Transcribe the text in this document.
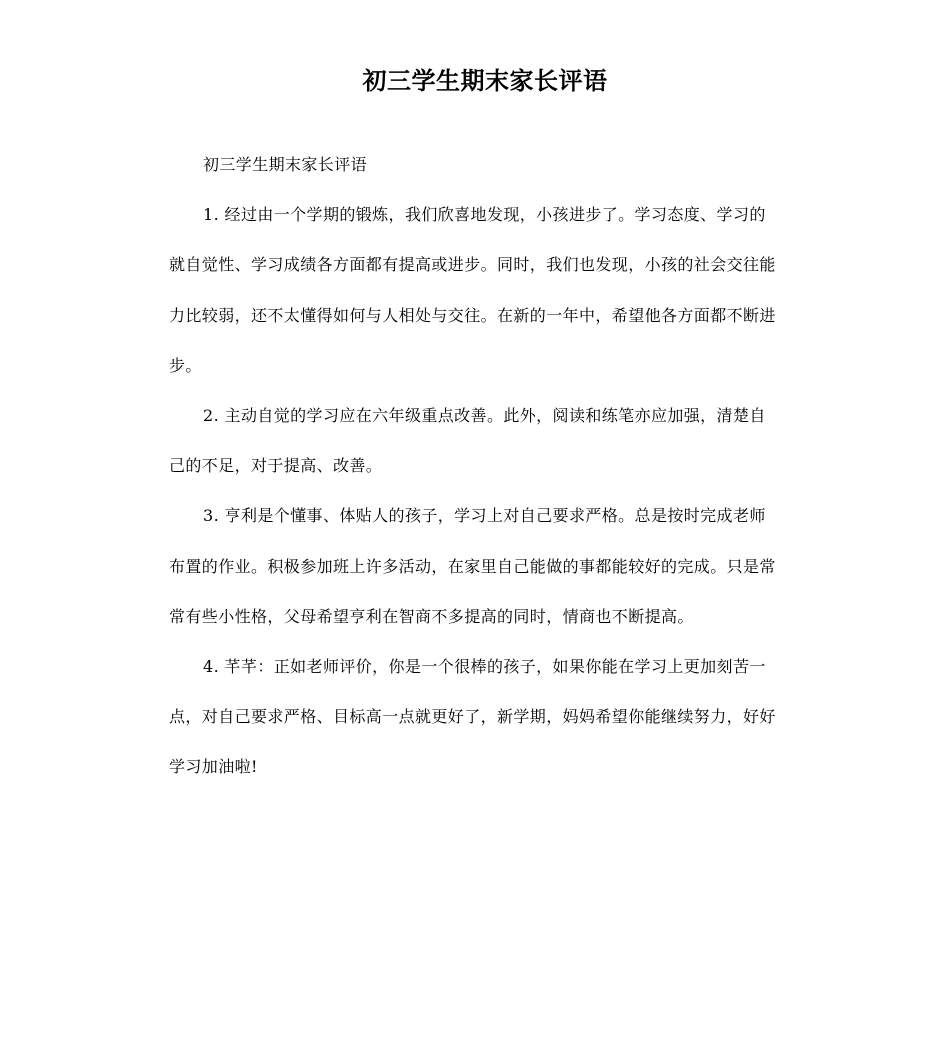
初三学生期末家长评语

初三学生期末家长评语

1. 经过由一个学期的锻炼，我们欣喜地发现，小孩进步了。学习态度、学习的就自觉性、学习成绩各方面都有提高或进步。同时，我们也发现，小孩的社会交往能力比较弱，还不太懂得如何与人相处与交往。在新的一年中，希望他各方面都不断进步。

2. 主动自觉的学习应在六年级重点改善。此外，阅读和练笔亦应加强，清楚自己的不足，对于提高、改善。

3. 亨利是个懂事、体贴人的孩子，学习上对自己要求严格。总是按时完成老师布置的作业。积极参加班上许多活动，在家里自己能做的事都能较好的完成。只是常常有些小性格，父母希望亨利在智商不多提高的同时，情商也不断提高。

4. 芊芊：正如老师评价，你是一个很棒的孩子，如果你能在学习上更加刻苦一点，对自己要求严格、目标高一点就更好了，新学期，妈妈希望你能继续努力，好好学习加油啦!
